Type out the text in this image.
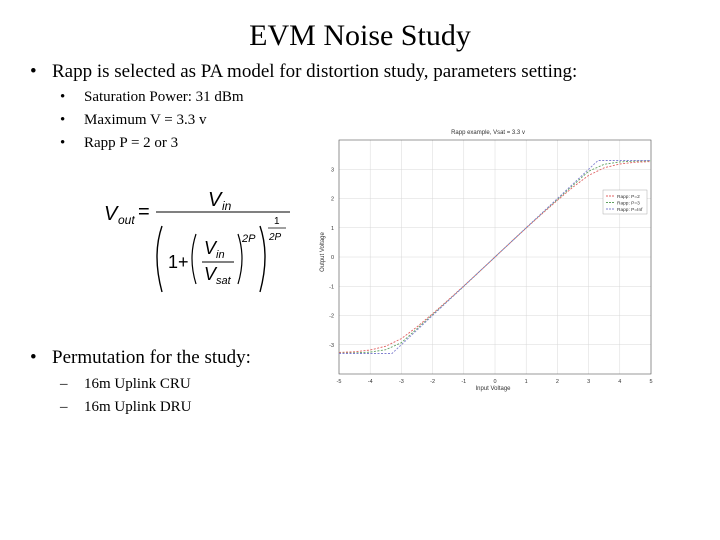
EVM Noise Study
• Rapp is selected as PA model for distortion study, parameters setting:
• Saturation Power: 31 dBm
• Maximum V = 3.3 v
• Rapp P = 2 or 3
V out =
V in
1 +
V in
V sat
2P
1
2P
• Permutation for the study:
– 16m Uplink CRU
– 16m Uplink DRU
Rapp example, Vsat = 3.3 v
-5	-4	-3	-2	-1	0	1	2	3	4	5
-3
-2
-1
0
1
2
3
Rapp: P=2
Rapp: P=3
Rapp: P=Inf
Input Voltage
Output Voltage
